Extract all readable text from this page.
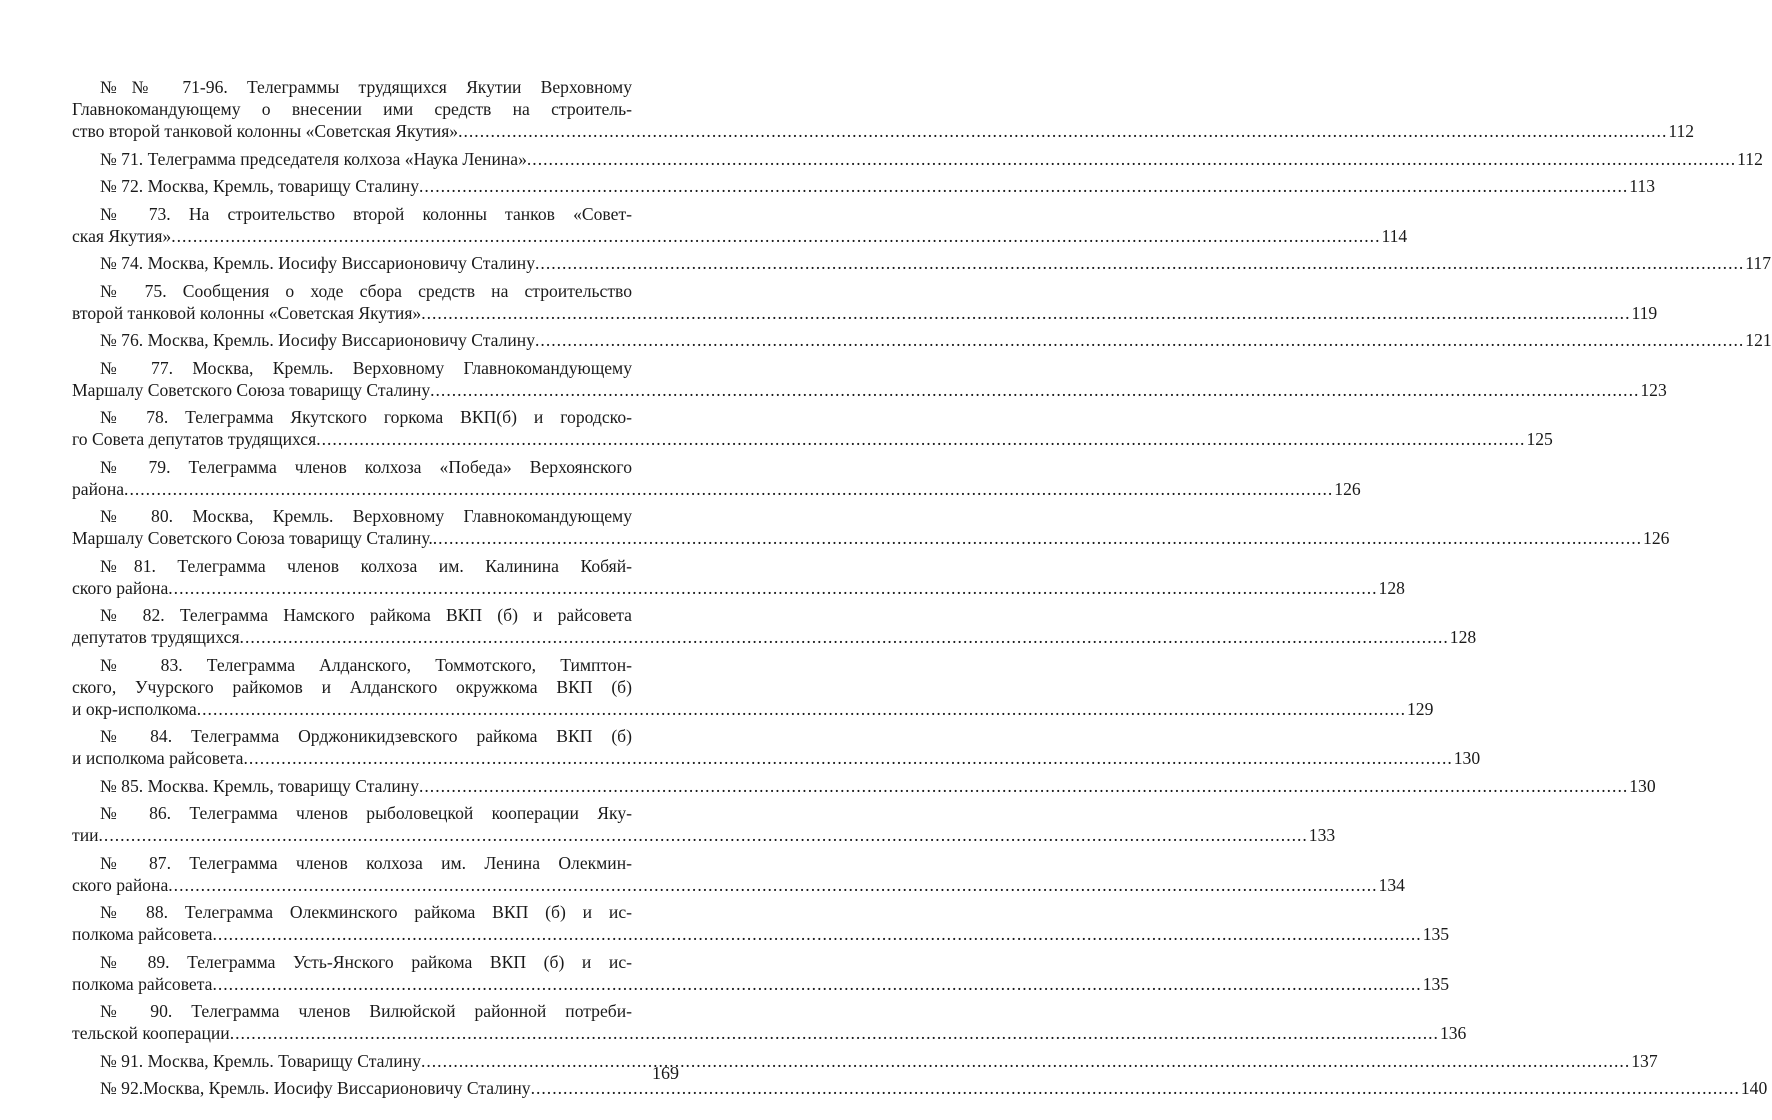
№№ 71-96. Телеграммы трудящихся Якутии Верховному
Главнокомандующему о внесении ими средств на строитель-
ство второй танковой колонны «Советская Якутия» .....	112
№ 71. Телеграмма председателя колхоза «Наука Ленина» .....	112
№ 72. Москва, Кремль, товарищу Сталину .....	113
№ 73. На строительство второй колонны танков «Совет-
ская Якутия» .....	114
№ 74. Москва, Кремль. Иосифу Виссарионовичу Сталину .....	117
№ 75. Сообщения о ходе сбора средств на строительство
второй танковой колонны «Советская Якутия» .....	119
№ 76. Москва, Кремль. Иосифу Виссарионовичу Сталину .....	121
№ 77. Москва, Кремль. Верховному Главнокомандующему
Маршалу Советского Союза товарищу Сталину .....	123
№ 78. Телеграмма Якутского горкома ВКП(б) и городско-
го Совета депутатов трудящихся .....	125
№ 79. Телеграмма членов колхоза «Победа» Верхоянского
района .....	126
№ 80. Москва, Кремль. Верховному Главнокомандующему
Маршалу Советского Союза товарищу Сталину. .....	126
№81. Телеграмма членов колхоза им. Калинина Кобяй-
ского района .....	128
№ 82. Телеграмма Намского райкома ВКП (б) и райсовета
депутатов трудящихся .....	128
№ 83. Телеграмма Алданского, Томмотского, Тимптон-
ского, Учурского райкомов и Алданского окружкома ВКП (б)
и окр-исполкома .....	129
№ 84. Телеграмма Орджоникидзевского райкома ВКП (б)
и исполкома райсовета .....	130
№ 85. Москва. Кремль, товарищу Сталину .....	130
№ 86. Телеграмма членов рыболовецкой кооперации Яку-
тии .....	133
№ 87. Телеграмма членов колхоза им. Ленина Олекмин-
ского района .....	134
№ 88. Телеграмма Олекминского райкома ВКП (б) и ис-
полкома райсовета .....	135
№ 89. Телеграмма Усть-Янского райкома ВКП (б) и ис-
полкома райсовета .....	135
№ 90. Телеграмма членов Вилюйской районной потреби-
тельской кооперации .....	136
№ 91. Москва, Кремль. Товарищу Сталину .....	137
№ 92.Москва, Кремль. Иосифу Виссарионовичу Сталину .....	140
169
